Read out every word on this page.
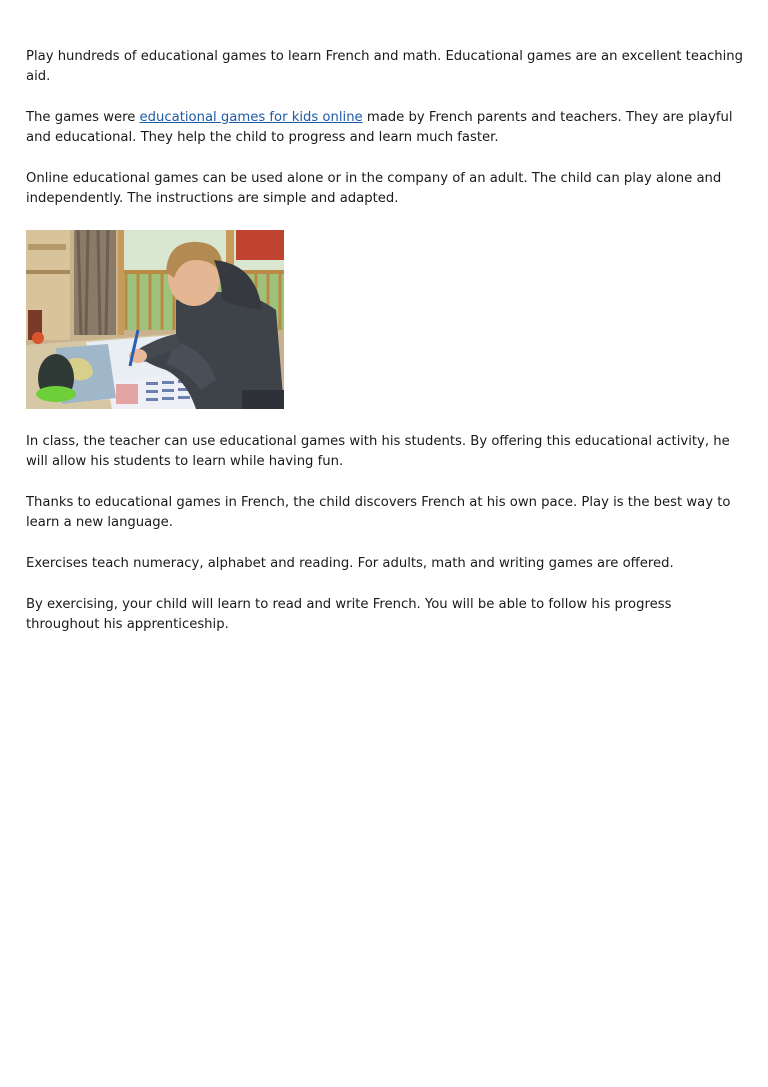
Play hundreds of educational games to learn French and math. Educational games are an excellent teaching aid.

The games were educational games for kids online made by French parents and teachers. They are playful and educational. They help the child to progress and learn much faster.

Online educational games can be used alone or in the company of an adult. The child can play alone and independently. The instructions are simple and adapted.

In class, the teacher can use educational games with his students. By offering this educational activity, he will allow his students to learn while having fun.

Thanks to educational games in French, the child discovers French at his own pace. Play is the best way to learn a new language.

Exercises teach numeracy, alphabet and reading. For adults, math and writing games are offered.

By exercising, your child will learn to read and write French. You will be able to follow his progress throughout his apprenticeship.
